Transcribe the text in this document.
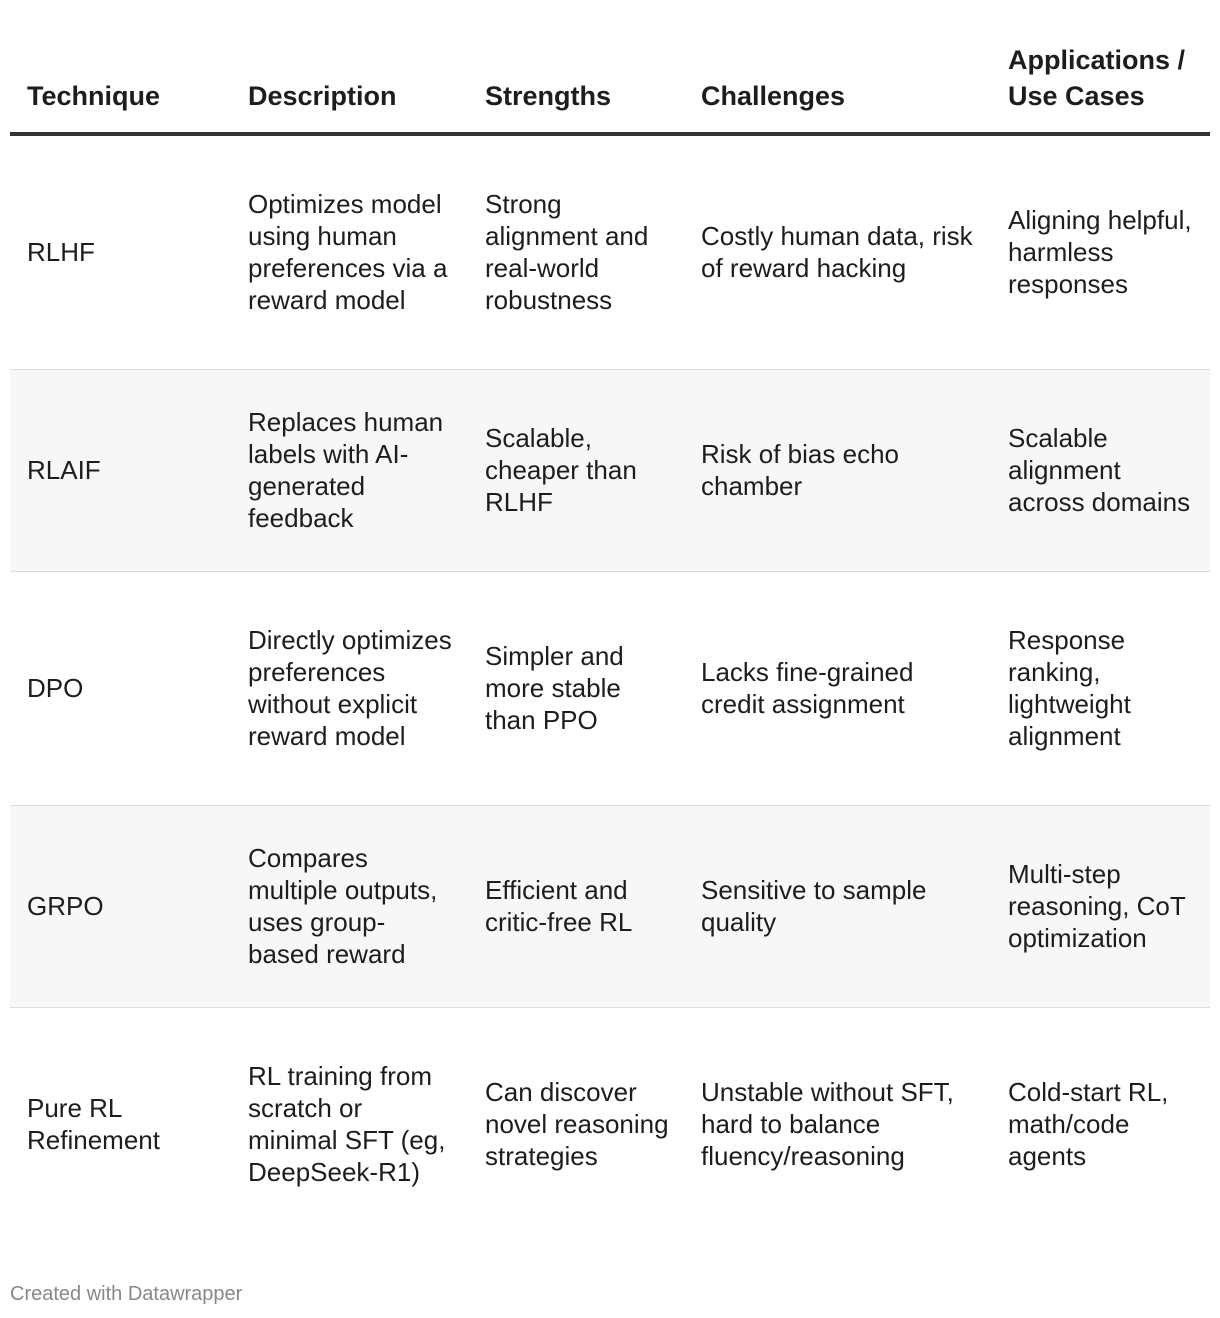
Technique	Description	Strengths	Challenges	Applications / Use Cases
RLHF	Optimizes model using human preferences via a reward model	Strong alignment and real-world robustness	Costly human data, risk of reward hacking	Aligning helpful, harmless responses
RLAIF	Replaces human labels with AI-generated feedback	Scalable, cheaper than RLHF	Risk of bias echo chamber	Scalable alignment across domains
DPO	Directly optimizes preferences without explicit reward model	Simpler and more stable than PPO	Lacks fine-grained credit assignment	Response ranking, lightweight alignment
GRPO	Compares multiple outputs, uses group-based reward	Efficient and critic-free RL	Sensitive to sample quality	Multi-step reasoning, CoT optimization
Pure RL Refinement	RL training from scratch or minimal SFT (eg, DeepSeek-R1)	Can discover novel reasoning strategies	Unstable without SFT, hard to balance fluency/reasoning	Cold-start RL, math/code agents
Created with Datawrapper
